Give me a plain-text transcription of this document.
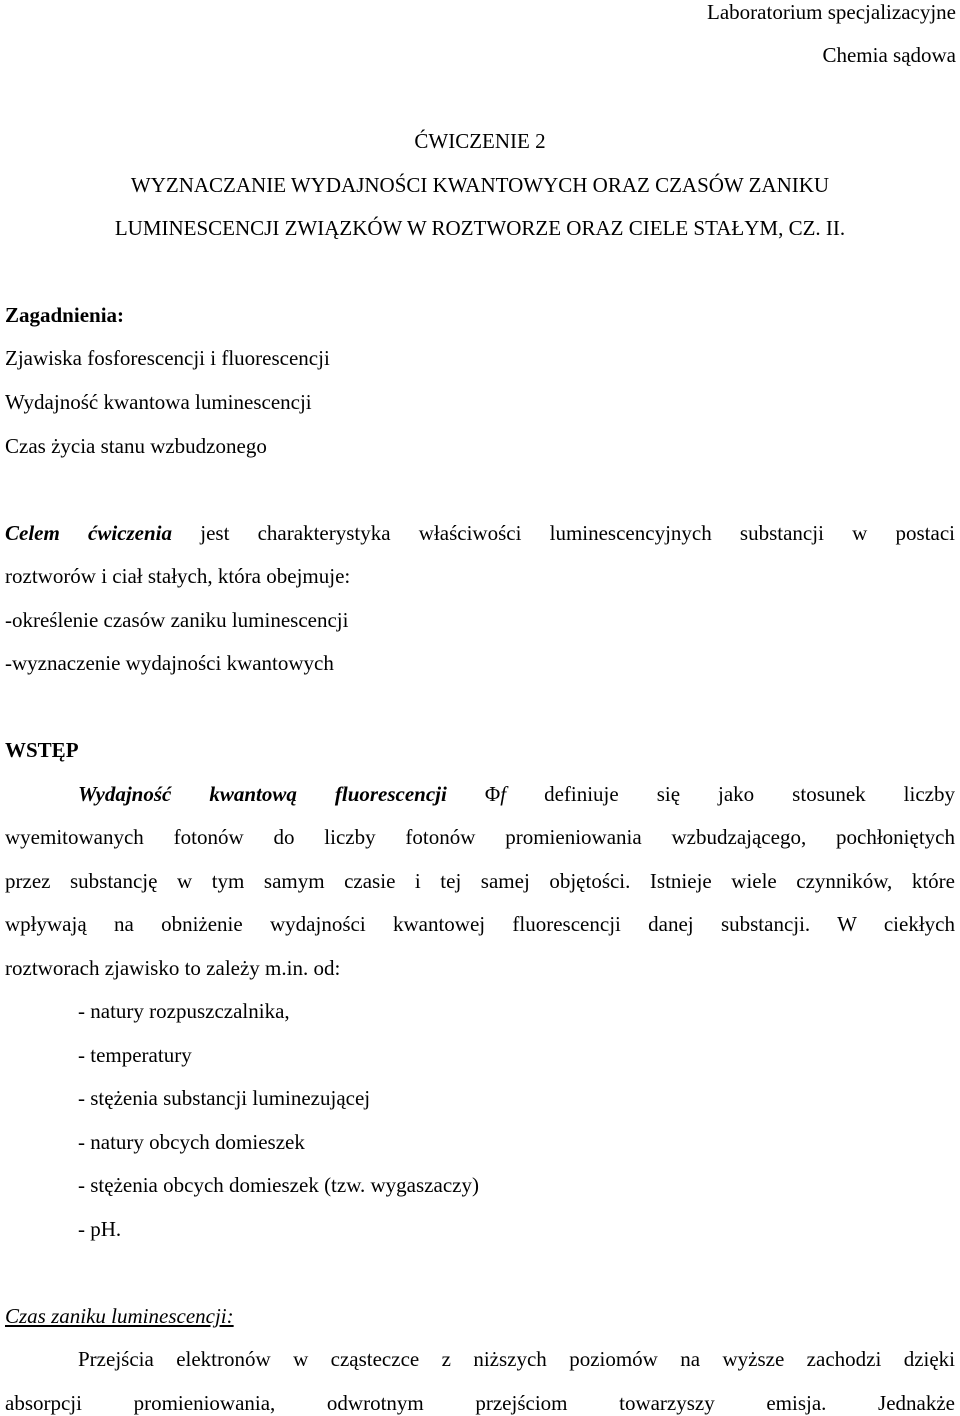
Laboratorium specjalizacyjne
Chemia sądowa
ĆWICZENIE 2
WYZNACZANIE WYDAJNOŚCI KWANTOWYCH ORAZ CZASÓW ZANIKU
LUMINESCENCJI ZWIĄZKÓW W ROZTWORZE ORAZ CIELE STAŁYM, CZ. II.
Zagadnienia:
Zjawiska fosforescencji i fluorescencji
Wydajność kwantowa luminescencji
Czas życia stanu wzbudzonego
Celem ćwiczenia jest charakterystyka właściwości luminescencyjnych substancji w postaci
roztworów i ciał stałych, która obejmuje:
-określenie czasów zaniku luminescencji
-wyznaczenie wydajności kwantowych
WSTĘP
Wydajność kwantową fluorescencji Φf definiuje się jako stosunek liczby
wyemitowanych fotonów do liczby fotonów promieniowania wzbudzającego, pochłoniętych
przez substancję w tym samym czasie i tej samej objętości. Istnieje wiele czynników, które
wpływają na obniżenie wydajności kwantowej fluorescencji danej substancji. W ciekłych
roztworach zjawisko to zależy m.in. od:
- natury rozpuszczalnika,
- temperatury
- stężenia substancji luminezującej
- natury obcych domieszek
- stężenia obcych domieszek (tzw. wygaszaczy)
- pH.
Czas zaniku luminescencji:
Przejścia elektronów w cząsteczce z niższych poziomów na wyższe zachodzi dzięki
absorpcji promieniowania, odwrotnym przejściom towarzyszy emisja. Jednakże
